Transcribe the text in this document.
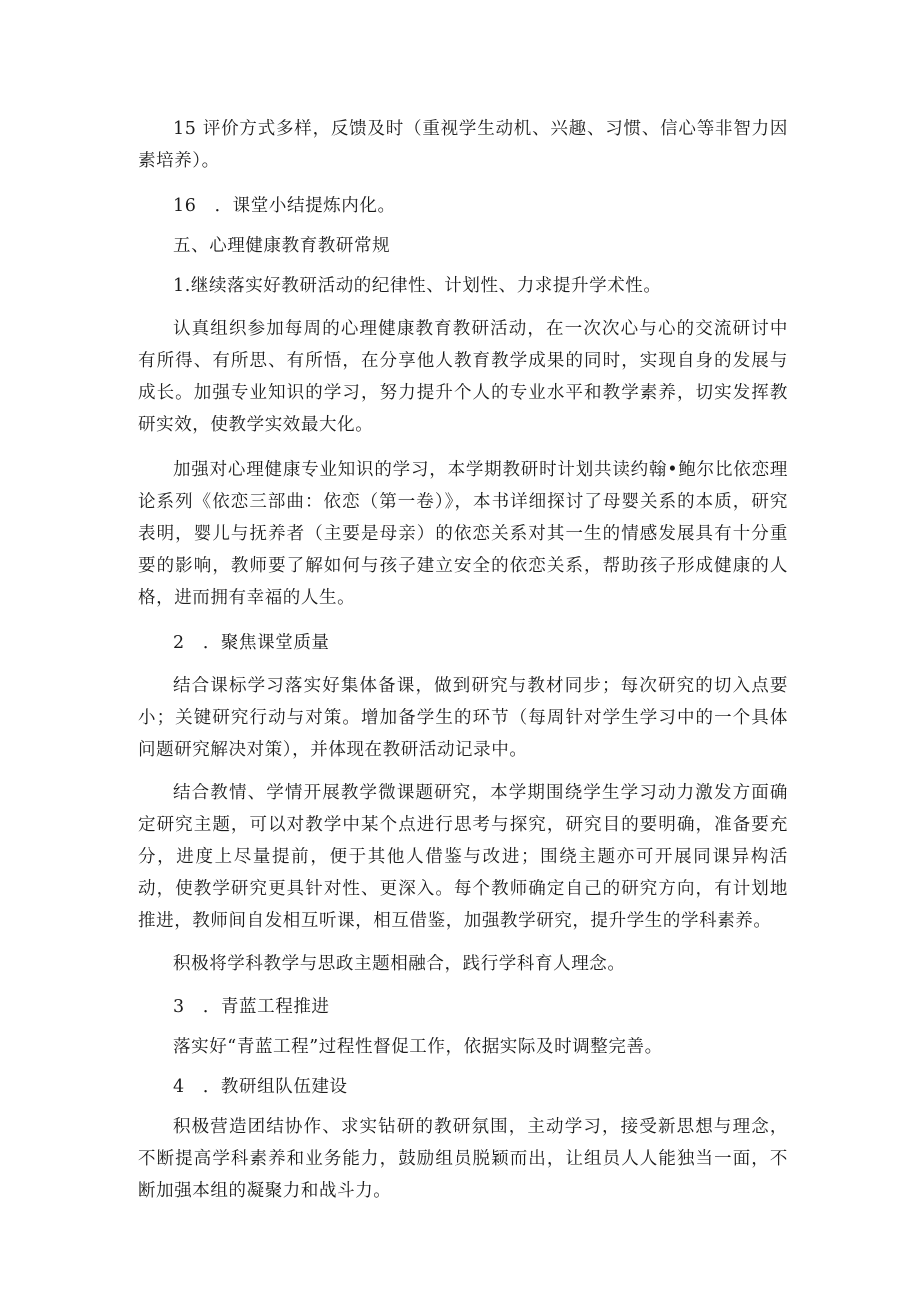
15 评价方式多样，反馈及时（重视学生动机、兴趣、习惯、信心等非智力因素培养）。

16　．课堂小结提炼内化。

五、心理健康教育教研常规

1.继续落实好教研活动的纪律性、计划性、力求提升学术性。

认真组织参加每周的心理健康教育教研活动，在一次次心与心的交流研讨中有所得、有所思、有所悟，在分享他人教育教学成果的同时，实现自身的发展与成长。加强专业知识的学习，努力提升个人的专业水平和教学素养，切实发挥教研实效，使教学实效最大化。

加强对心理健康专业知识的学习，本学期教研时计划共读约翰•鲍尔比依恋理论系列《依恋三部曲：依恋（第一卷）》，本书详细探讨了母婴关系的本质，研究表明，婴儿与抚养者（主要是母亲）的依恋关系对其一生的情感发展具有十分重要的影响，教师要了解如何与孩子建立安全的依恋关系，帮助孩子形成健康的人格，进而拥有幸福的人生。

2　．聚焦课堂质量

结合课标学习落实好集体备课，做到研究与教材同步；每次研究的切入点要小；关键研究行动与对策。增加备学生的环节（每周针对学生学习中的一个具体问题研究解决对策），并体现在教研活动记录中。

结合教情、学情开展教学微课题研究，本学期围绕学生学习动力激发方面确定研究主题，可以对教学中某个点进行思考与探究，研究目的要明确，准备要充分，进度上尽量提前，便于其他人借鉴与改进；围绕主题亦可开展同课异构活动，使教学研究更具针对性、更深入。每个教师确定自己的研究方向，有计划地推进，教师间自发相互听课，相互借鉴，加强教学研究，提升学生的学科素养。

积极将学科教学与思政主题相融合，践行学科育人理念。

3　．青蓝工程推进

落实好“青蓝工程”过程性督促工作，依据实际及时调整完善。

4　．教研组队伍建设

积极营造团结协作、求实钻研的教研氛围，主动学习，接受新思想与理念，不断提高学科素养和业务能力，鼓励组员脱颖而出，让组员人人能独当一面，不断加强本组的凝聚力和战斗力。
